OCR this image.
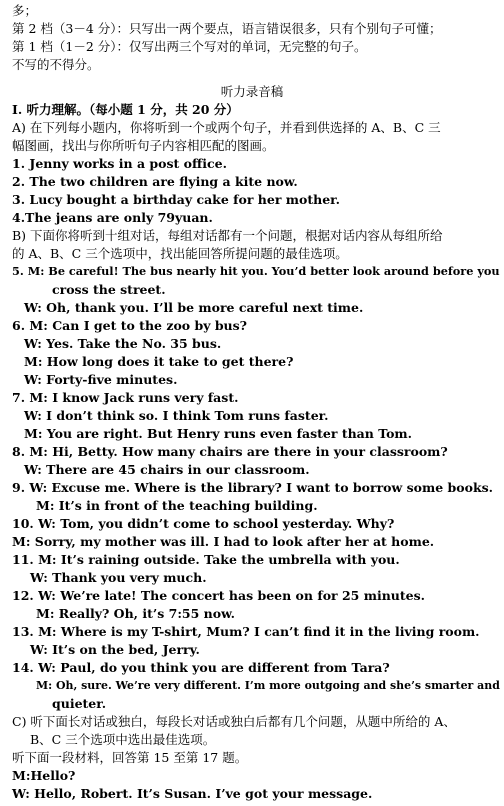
多；
第 2 档（3－4 分）：只写出一两个要点，语言错误很多，只有个别句子可懂；
第 1 档（1－2 分）：仅写出两三个写对的单词，无完整的句子。
不写的不得分。
听力录音稿
Ⅰ. 听力理解。（每小题 1 分，共 20 分）
A) 在下列每小题内，你将听到一个或两个句子，并看到供选择的 A、B、C 三
幅图画，找出与你所听句子内容相匹配的图画。
1. Jenny works in a post office.
2. The two children are flying a kite now.
3. Lucy bought a birthday cake for her mother.
4.The jeans are only 79yuan.
B) 下面你将听到十组对话，每组对话都有一个问题，根据对话内容从每组所给
的 A、B、C 三个选项中，找出能回答所提问题的最佳选项。
5. M: Be careful! The bus nearly hit you. You’d better look around before you
cross the street.
W: Oh, thank you. I’ll be more careful next time.
6. M: Can I get to the zoo by bus?
W: Yes. Take the No. 35 bus.
M: How long does it take to get there?
W: Forty-five minutes.
7. M: I know Jack runs very fast.
W: I don’t think so. I think Tom runs faster.
M: You are right. But Henry runs even faster than Tom.
8. M: Hi, Betty. How many chairs are there in your classroom?
W: There are 45 chairs in our classroom.
9. W: Excuse me. Where is the library? I want to borrow some books.
M: It’s in front of the teaching building.
10. W: Tom, you didn’t come to school yesterday. Why?
M: Sorry, my mother was ill. I had to look after her at home.
11. M: It’s raining outside. Take the umbrella with you.
W: Thank you very much.
12. W: We’re late! The concert has been on for 25 minutes.
M: Really? Oh, it’s 7:55 now.
13. M: Where is my T-shirt, Mum? I can’t find it in the living room.
W: It’s on the bed, Jerry.
14. W: Paul, do you think you are different from Tara?
M: Oh, sure. We’re very different. I’m more outgoing and she’s smarter and
quieter.
C) 听下面长对话或独白，每段长对话或独白后都有几个问题，从题中所给的 A、
B、C 三个选项中选出最佳选项。
听下面一段材料，回答第 15 至第 17 题。
M:Hello?
W: Hello, Robert. It’s Susan. I’ve got your message.
